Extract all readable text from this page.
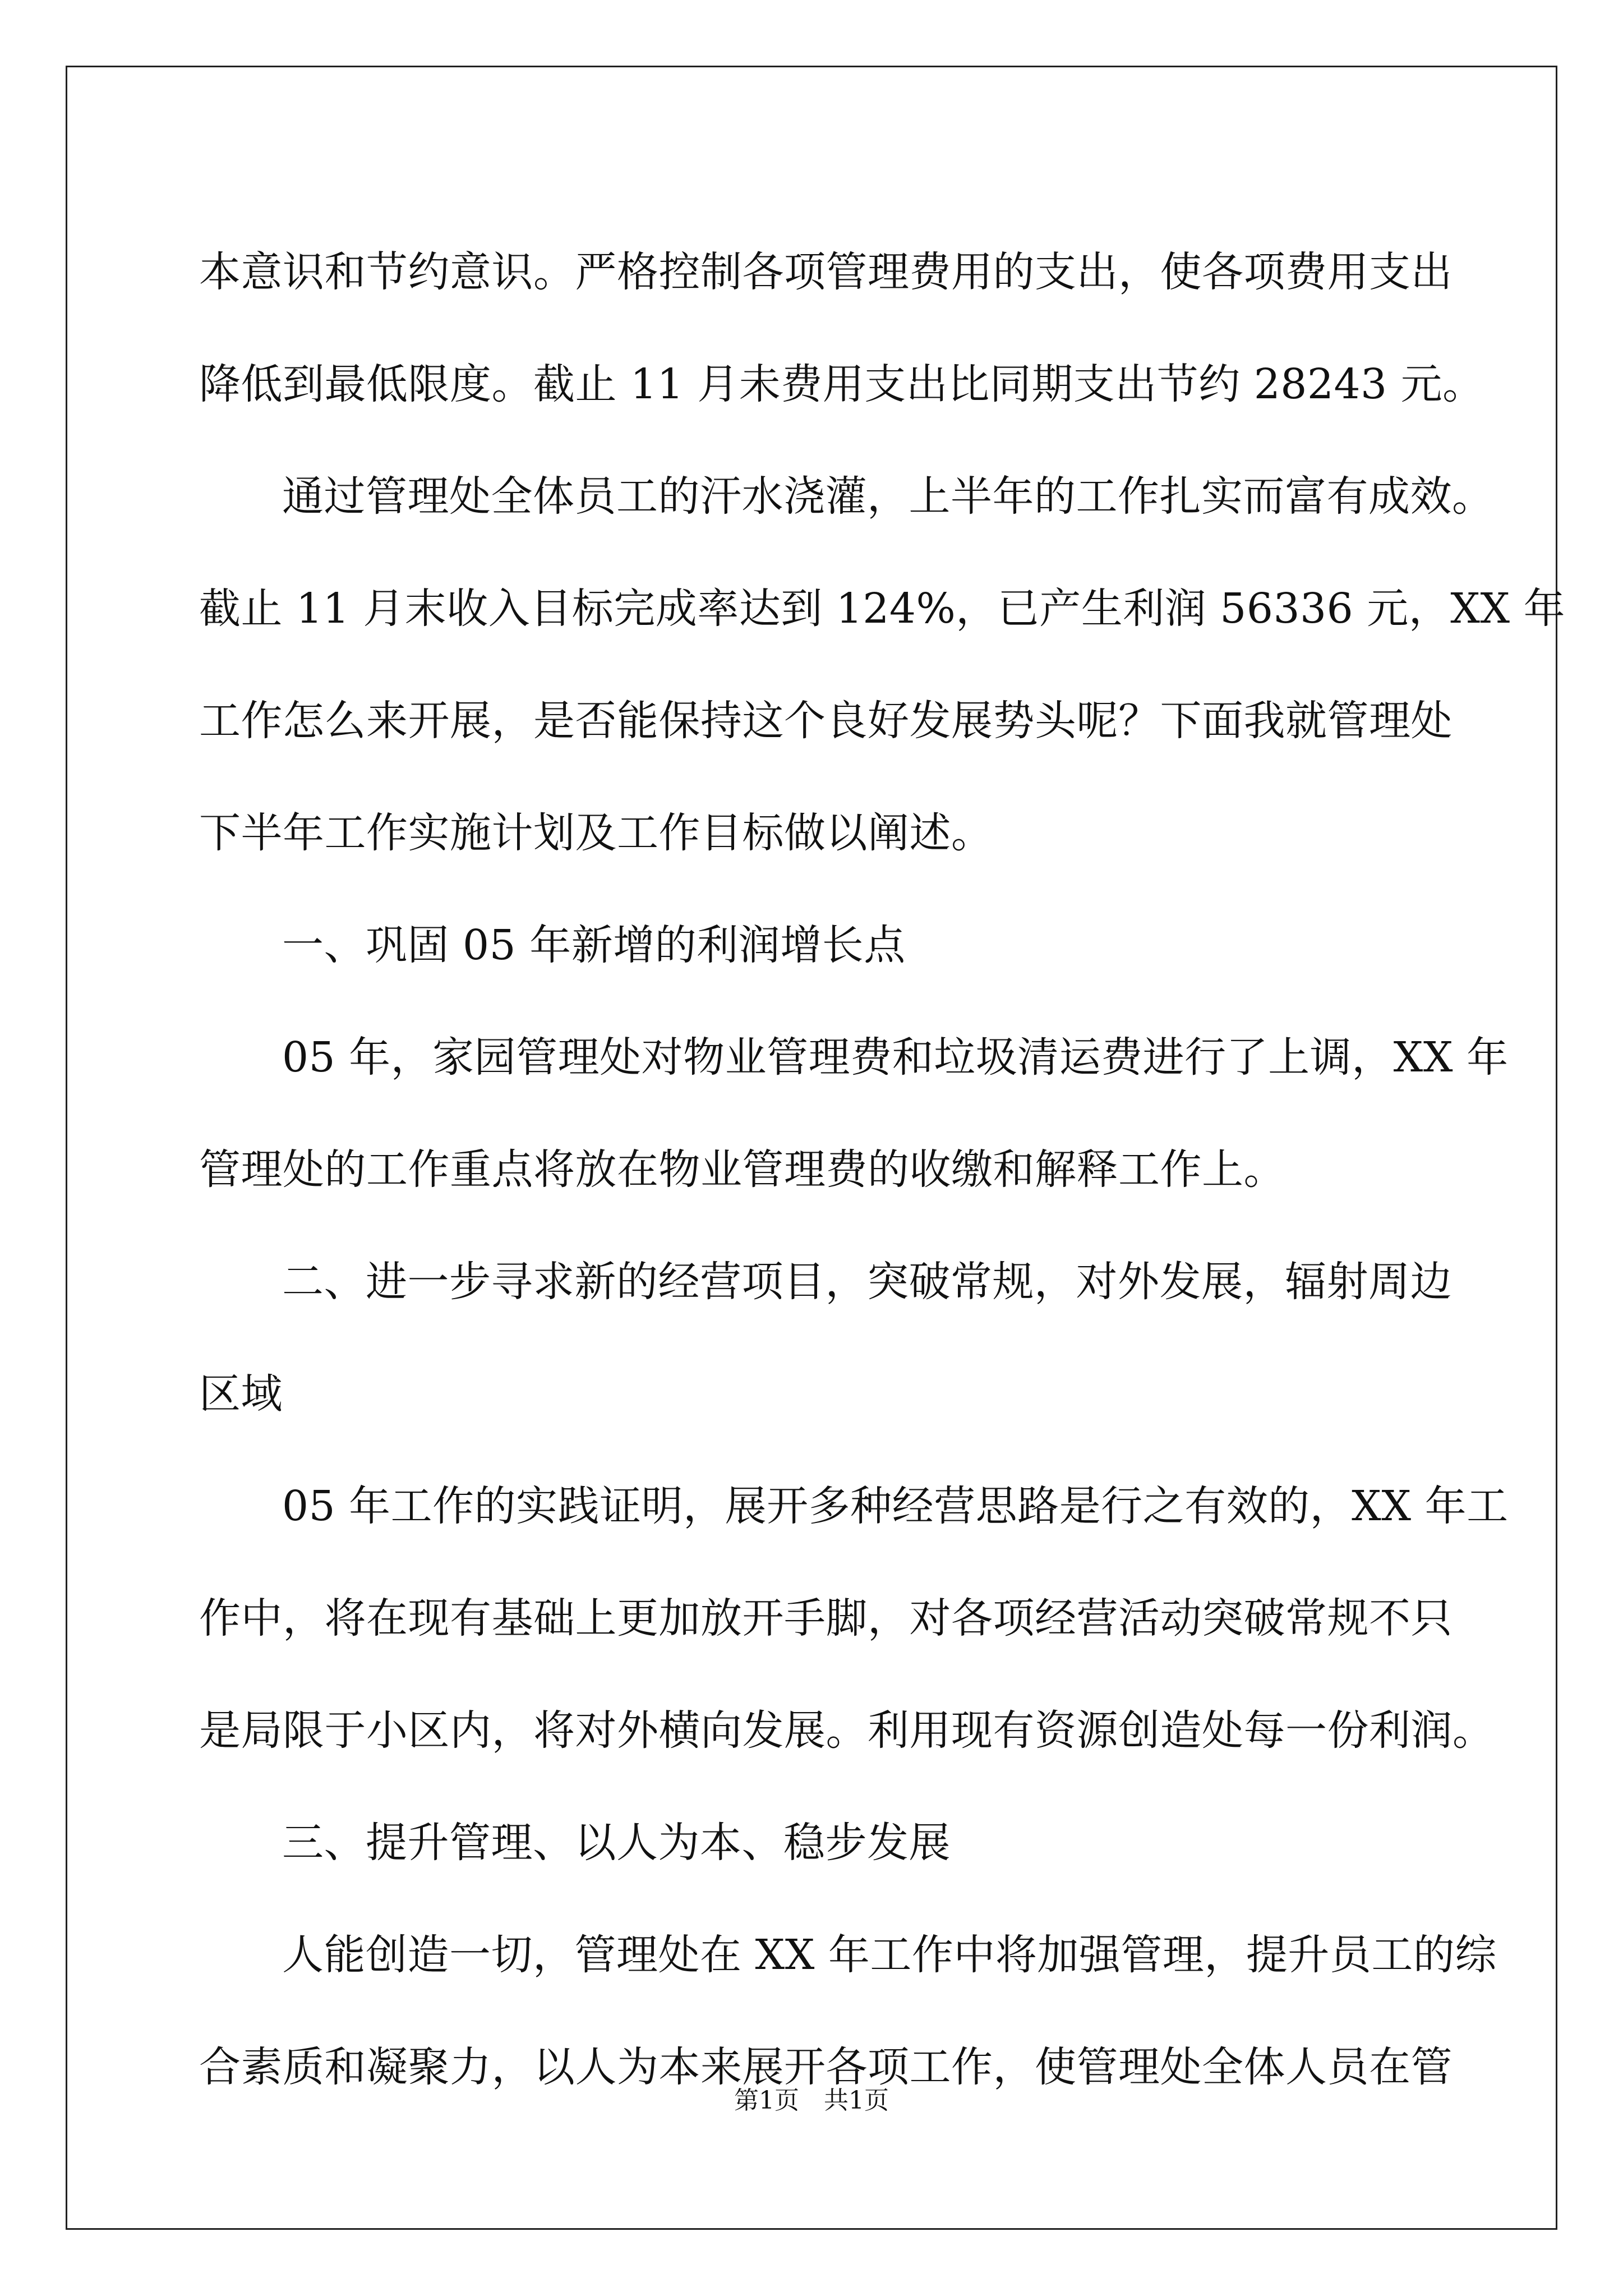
本意识和节约意识。严格控制各项管理费用的支出，使各项费用支出
降低到最低限度。截止 11 月未费用支出比同期支出节约 28243 元。
通过管理处全体员工的汗水浇灌，上半年的工作扎实而富有成效。
截止 11 月末收入目标完成率达到 124%，已产生利润 56336 元，XX 年
工作怎么来开展，是否能保持这个良好发展势头呢？下面我就管理处
下半年工作实施计划及工作目标做以阐述。
一、巩固 05 年新增的利润增长点
05 年，家园管理处对物业管理费和垃圾清运费进行了上调，XX 年
管理处的工作重点将放在物业管理费的收缴和解释工作上。
二、进一步寻求新的经营项目，突破常规，对外发展，辐射周边
区域
05 年工作的实践证明，展开多种经营思路是行之有效的，XX 年工
作中，将在现有基础上更加放开手脚，对各项经营活动突破常规不只
是局限于小区内，将对外横向发展。利用现有资源创造处每一份利润。
三、提升管理、以人为本、稳步发展
人能创造一切，管理处在 XX 年工作中将加强管理，提升员工的综
合素质和凝聚力，以人为本来展开各项工作，使管理处全体人员在管
第1页　共1页
